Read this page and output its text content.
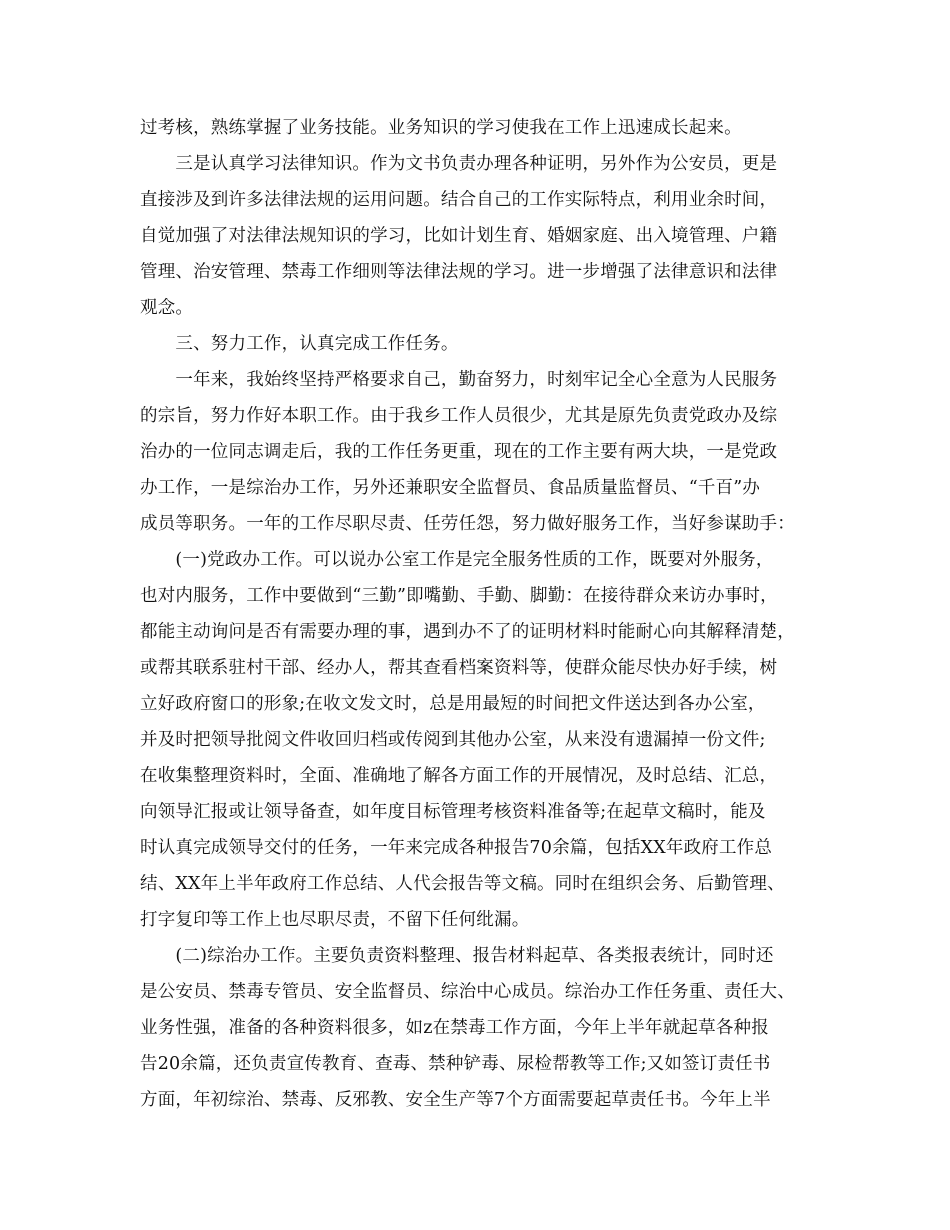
过考核，熟练掌握了业务技能。业务知识的学习使我在工作上迅速成长起来。
　　三是认真学习法律知识。作为文书负责办理各种证明，另外作为公安员，更是
直接涉及到许多法律法规的运用问题。结合自己的工作实际特点，利用业余时间，
自觉加强了对法律法规知识的学习，比如计划生育、婚姻家庭、出入境管理、户籍
管理、治安管理、禁毒工作细则等法律法规的学习。进一步增强了法律意识和法律
观念。
　　三、努力工作，认真完成工作任务。
　　一年来，我始终坚持严格要求自己，勤奋努力，时刻牢记全心全意为人民服务
的宗旨，努力作好本职工作。由于我乡工作人员很少，尤其是原先负责党政办及综
治办的一位同志调走后，我的工作任务更重，现在的工作主要有两大块，一是党政
办工作，一是综治办工作，另外还兼职安全监督员、食品质量监督员、“千百”办
成员等职务。一年的工作尽职尽责、任劳任怨，努力做好服务工作，当好参谋助手：
　　(一)党政办工作。可以说办公室工作是完全服务性质的工作，既要对外服务，
也对内服务，工作中要做到“三勤”即嘴勤、手勤、脚勤：在接待群众来访办事时，
都能主动询问是否有需要办理的事，遇到办不了的证明材料时能耐心向其解释清楚，
或帮其联系驻村干部、经办人，帮其查看档案资料等，使群众能尽快办好手续，树
立好政府窗口的形象;在收文发文时，总是用最短的时间把文件送达到各办公室，
并及时把领导批阅文件收回归档或传阅到其他办公室，从来没有遗漏掉一份文件;
在收集整理资料时，全面、准确地了解各方面工作的开展情况，及时总结、汇总，
向领导汇报或让领导备查，如年度目标管理考核资料准备等;在起草文稿时，能及
时认真完成领导交付的任务，一年来完成各种报告70余篇，包括XX年政府工作总
结、XX年上半年政府工作总结、人代会报告等文稿。同时在组织会务、后勤管理、
打字复印等工作上也尽职尽责，不留下任何纰漏。
　　(二)综治办工作。主要负责资料整理、报告材料起草、各类报表统计，同时还
是公安员、禁毒专管员、安全监督员、综治中心成员。综治办工作任务重、责任大、
业务性强，准备的各种资料很多，如z在禁毒工作方面，今年上半年就起草各种报
告20余篇，还负责宣传教育、查毒、禁种铲毒、尿检帮教等工作;又如签订责任书
方面，年初综治、禁毒、反邪教、安全生产等7个方面需要起草责任书。今年上半
